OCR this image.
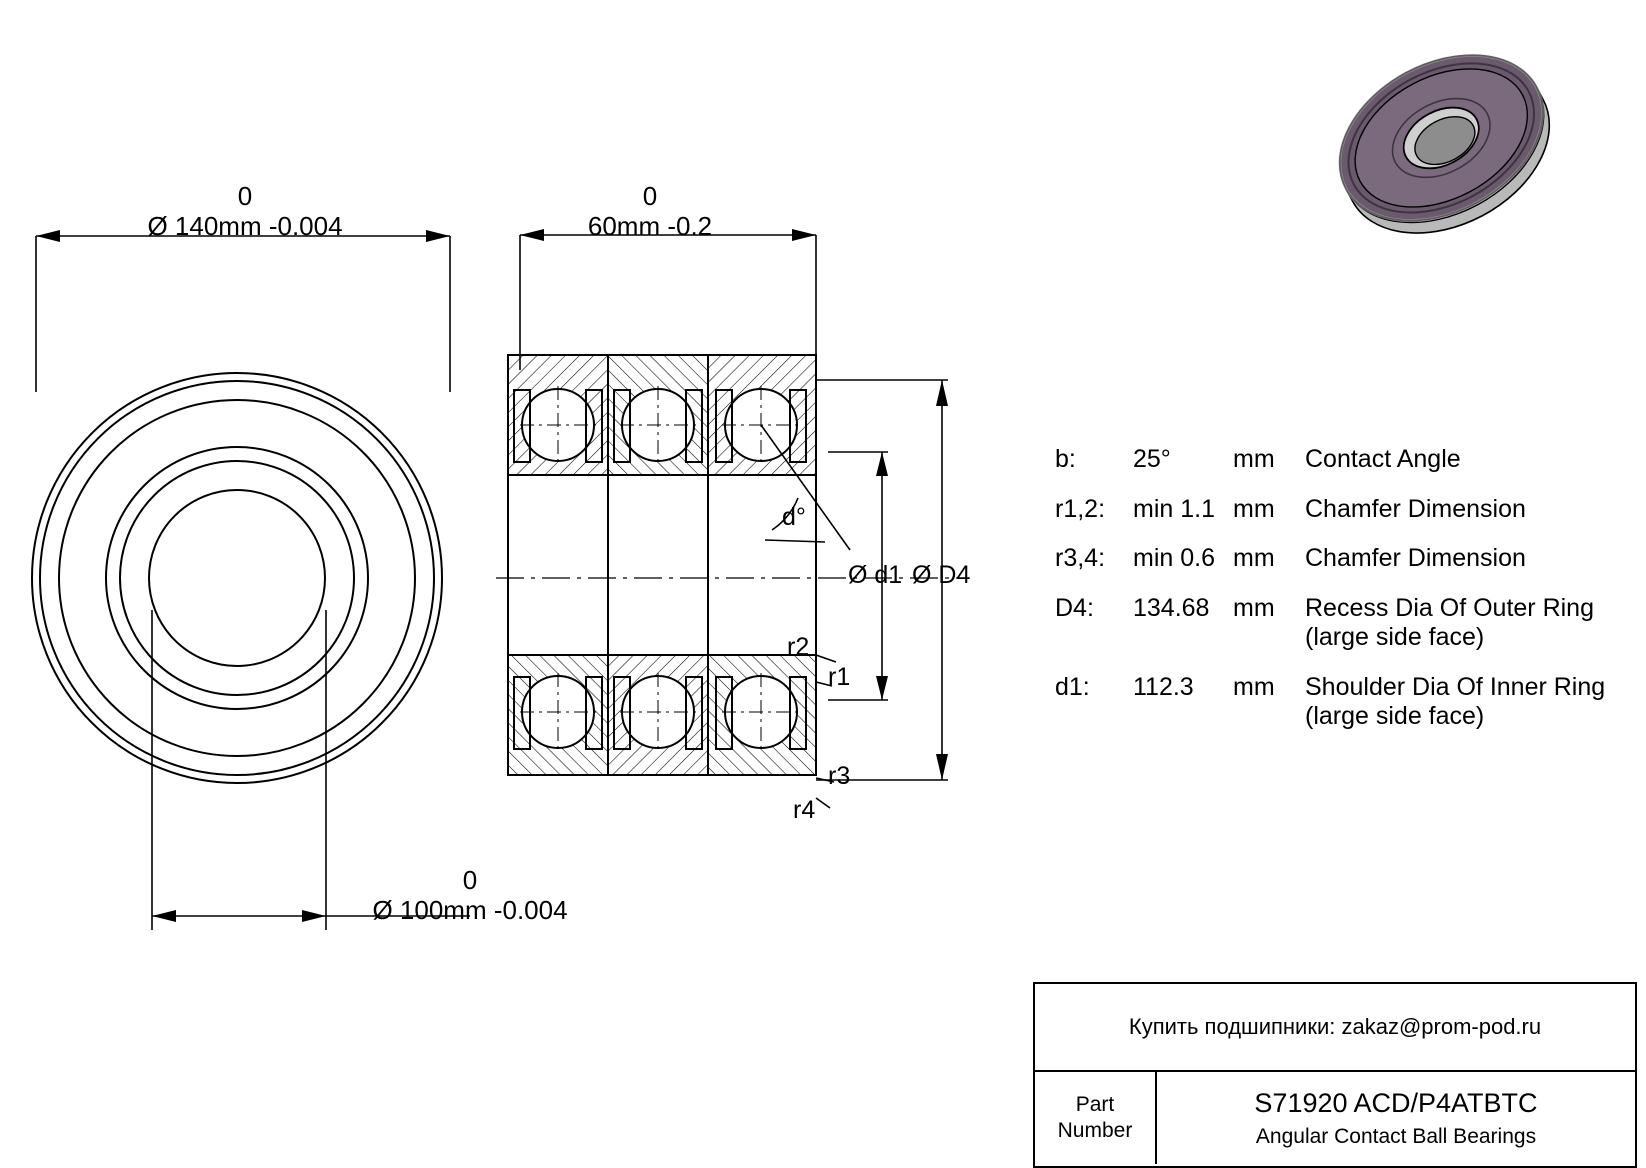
0
Ø 140mm -0.004
0
Ø 100mm -0.004
0
60mm -0.2
d°
Ø d1 Ø D4
r2
r1
r3
r4
b:	25°	mm	Contact Angle
r1,2:	min 1.1 mm	Chamfer Dimension
r3,4:	min 0.6 mm	Chamfer Dimension
D4:	134.68 mm	Recess Dia Of Outer Ring
(large side face)
d1:	112.3	mm	Shoulder Dia Of Inner Ring
(large side face)
Купить подшипники: zakaz@prom-pod.ru
Part
Number
S71920 ACD/P4ATBTC
Angular Contact Ball Bearings
